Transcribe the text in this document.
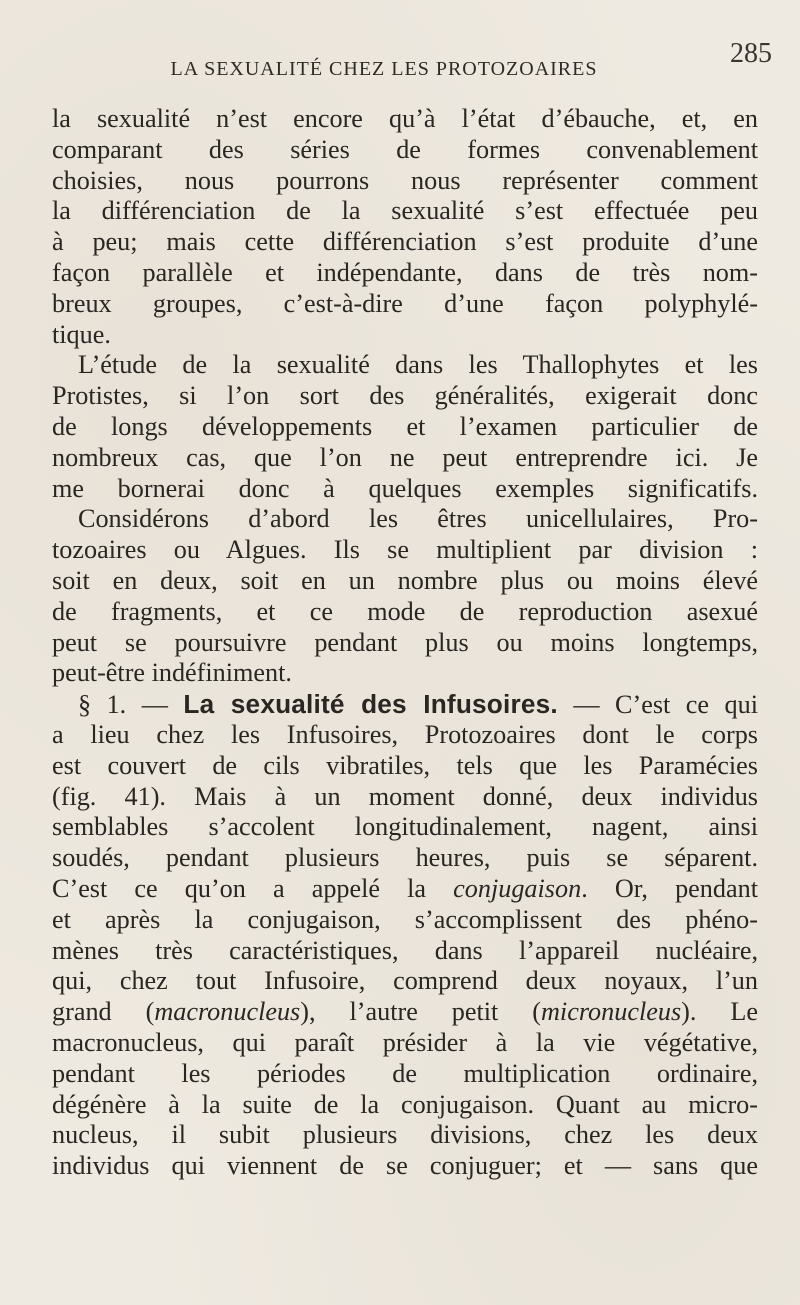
LA SEXUALITÉ CHEZ LES PROTOZOAIRES	285
la sexualité n’est encore qu’à l’état d’ébauche, et, en
comparant des séries de formes convenablement
choisies, nous pourrons nous représenter comment
la différenciation de la sexualité s’est effectuée peu
à peu; mais cette différenciation s’est produite d’une
façon parallèle et indépendante, dans de très nom-
breux groupes, c’est-à-dire d’une façon polyphylé-
tique.
L’étude de la sexualité dans les Thallophytes et les
Protistes, si l’on sort des généralités, exigerait donc
de longs développements et l’examen particulier de
nombreux cas, que l’on ne peut entreprendre ici. Je
me bornerai donc à quelques exemples significatifs.
Considérons d’abord les êtres unicellulaires, Pro-
tozoaires ou Algues. Ils se multiplient par division :
soit en deux, soit en un nombre plus ou moins élevé
de fragments, et ce mode de reproduction asexué
peut se poursuivre pendant plus ou moins longtemps,
peut-être indéfiniment.
§ 1. — La sexualité des Infusoires. — C’est ce qui
a lieu chez les Infusoires, Protozoaires dont le corps
est couvert de cils vibratiles, tels que les Paramécies
(fig. 41). Mais à un moment donné, deux individus
semblables s’accolent longitudinalement, nagent, ainsi
soudés, pendant plusieurs heures, puis se séparent.
C’est ce qu’on a appelé la conjugaison. Or, pendant
et après la conjugaison, s’accomplissent des phéno-
mènes très caractéristiques, dans l’appareil nucléaire,
qui, chez tout Infusoire, comprend deux noyaux, l’un
grand (macronucleus), l’autre petit (micronucleus). Le
macronucleus, qui paraît présider à la vie végétative,
pendant les périodes de multiplication ordinaire,
dégénère à la suite de la conjugaison. Quant au micro-
nucleus, il subit plusieurs divisions, chez les deux
individus qui viennent de se conjuguer; et — sans que
